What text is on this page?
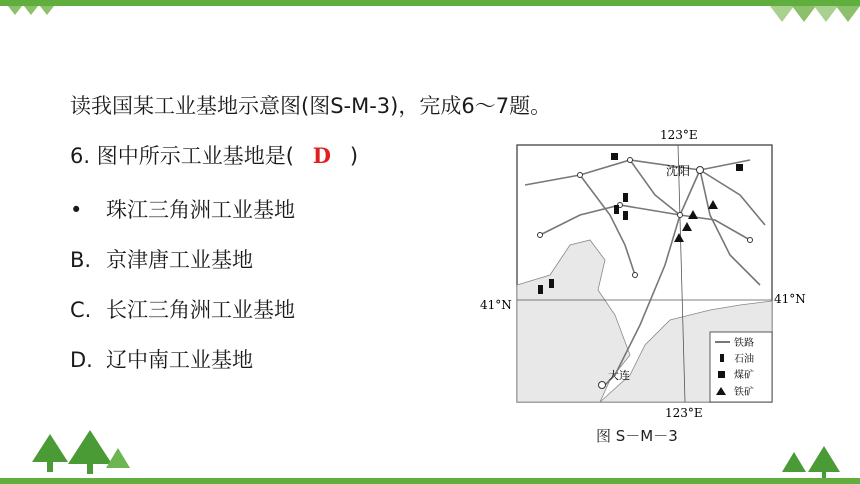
读我国某工业基地示意图(图S-M-3)，完成6～7题。
6. 图中所示工业基地是( D )
• 珠江三角洲工业基地
B. 京津唐工业基地
C. 长江三角洲工业基地
D. 辽中南工业基地
123°E
123°E
41°N	41°N
沈阳
大连
铁路
石油
煤矿
铁矿
图 S－M－3
